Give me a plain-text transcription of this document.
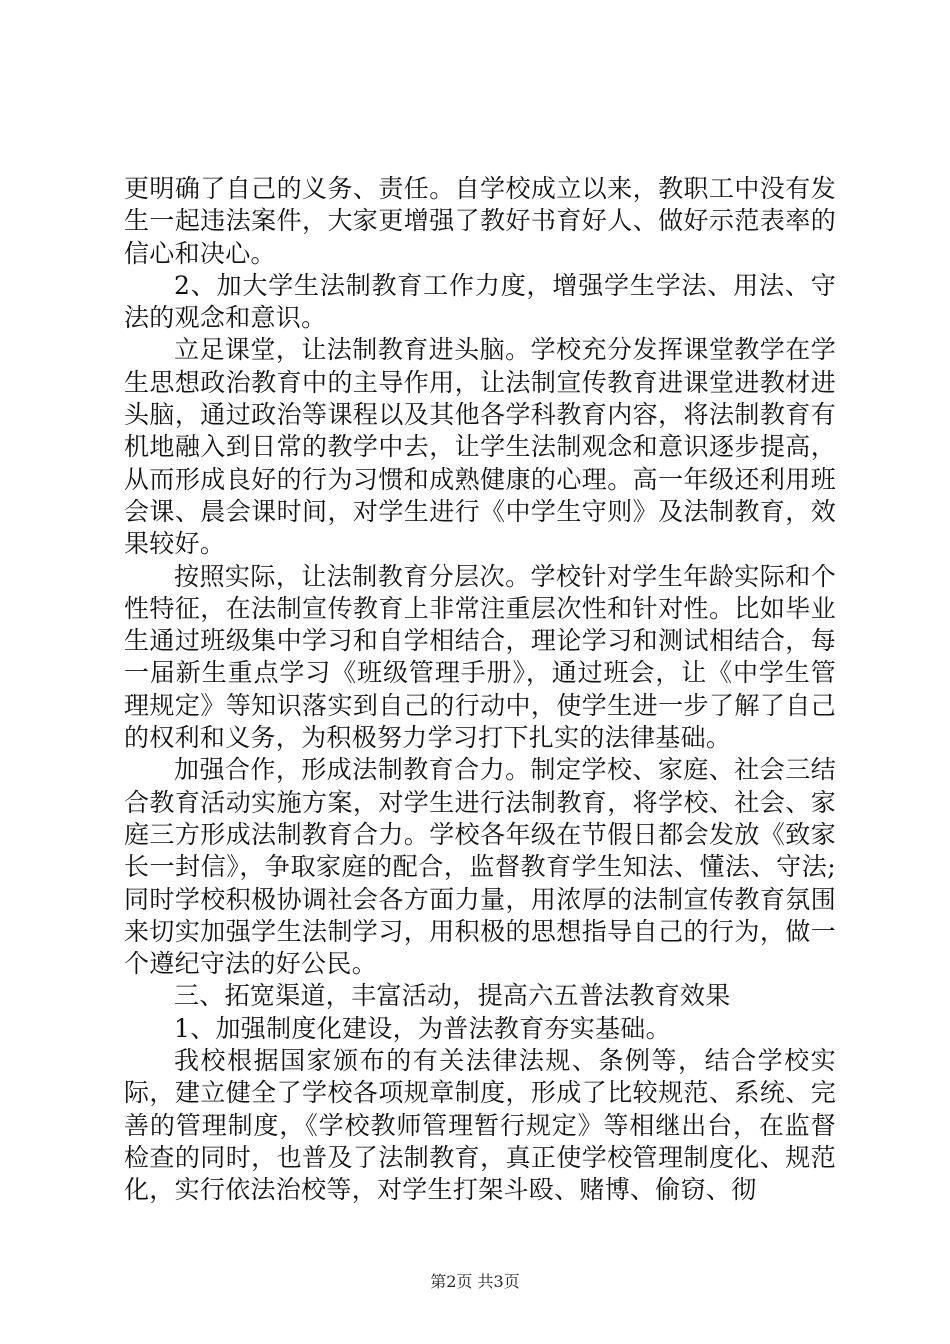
更明确了自己的义务、责任。自学校成立以来，教职工中没有发生一起违法案件，大家更增强了教好书育好人、做好示范表率的信心和决心。

2、加大学生法制教育工作力度，增强学生学法、用法、守法的观念和意识。

立足课堂，让法制教育进头脑。学校充分发挥课堂教学在学生思想政治教育中的主导作用，让法制宣传教育进课堂进教材进头脑，通过政治等课程以及其他各学科教育内容，将法制教育有机地融入到日常的教学中去，让学生法制观念和意识逐步提高，从而形成良好的行为习惯和成熟健康的心理。高一年级还利用班会课、晨会课时间，对学生进行《中学生守则》及法制教育，效果较好。

按照实际，让法制教育分层次。学校针对学生年龄实际和个性特征，在法制宣传教育上非常注重层次性和针对性。比如毕业生通过班级集中学习和自学相结合，理论学习和测试相结合，每一届新生重点学习《班级管理手册》，通过班会，让《中学生管理规定》等知识落实到自己的行动中，使学生进一步了解了自己的权利和义务，为积极努力学习打下扎实的法律基础。

加强合作，形成法制教育合力。制定学校、家庭、社会三结合教育活动实施方案，对学生进行法制教育，将学校、社会、家庭三方形成法制教育合力。学校各年级在节假日都会发放《致家长一封信》，争取家庭的配合，监督教育学生知法、懂法、守法;同时学校积极协调社会各方面力量，用浓厚的法制宣传教育氛围来切实加强学生法制学习，用积极的思想指导自己的行为，做一个遵纪守法的好公民。

三、拓宽渠道，丰富活动，提高六五普法教育效果

1、加强制度化建设，为普法教育夯实基础。

我校根据国家颁布的有关法律法规、条例等，结合学校实际，建立健全了学校各项规章制度，形成了比较规范、系统、完善的管理制度，《学校教师管理暂行规定》等相继出台，在监督检查的同时，也普及了法制教育，真正使学校管理制度化、规范化，实行依法治校等，对学生打架斗殴、赌博、偷窃、彻

第2页 共3页
